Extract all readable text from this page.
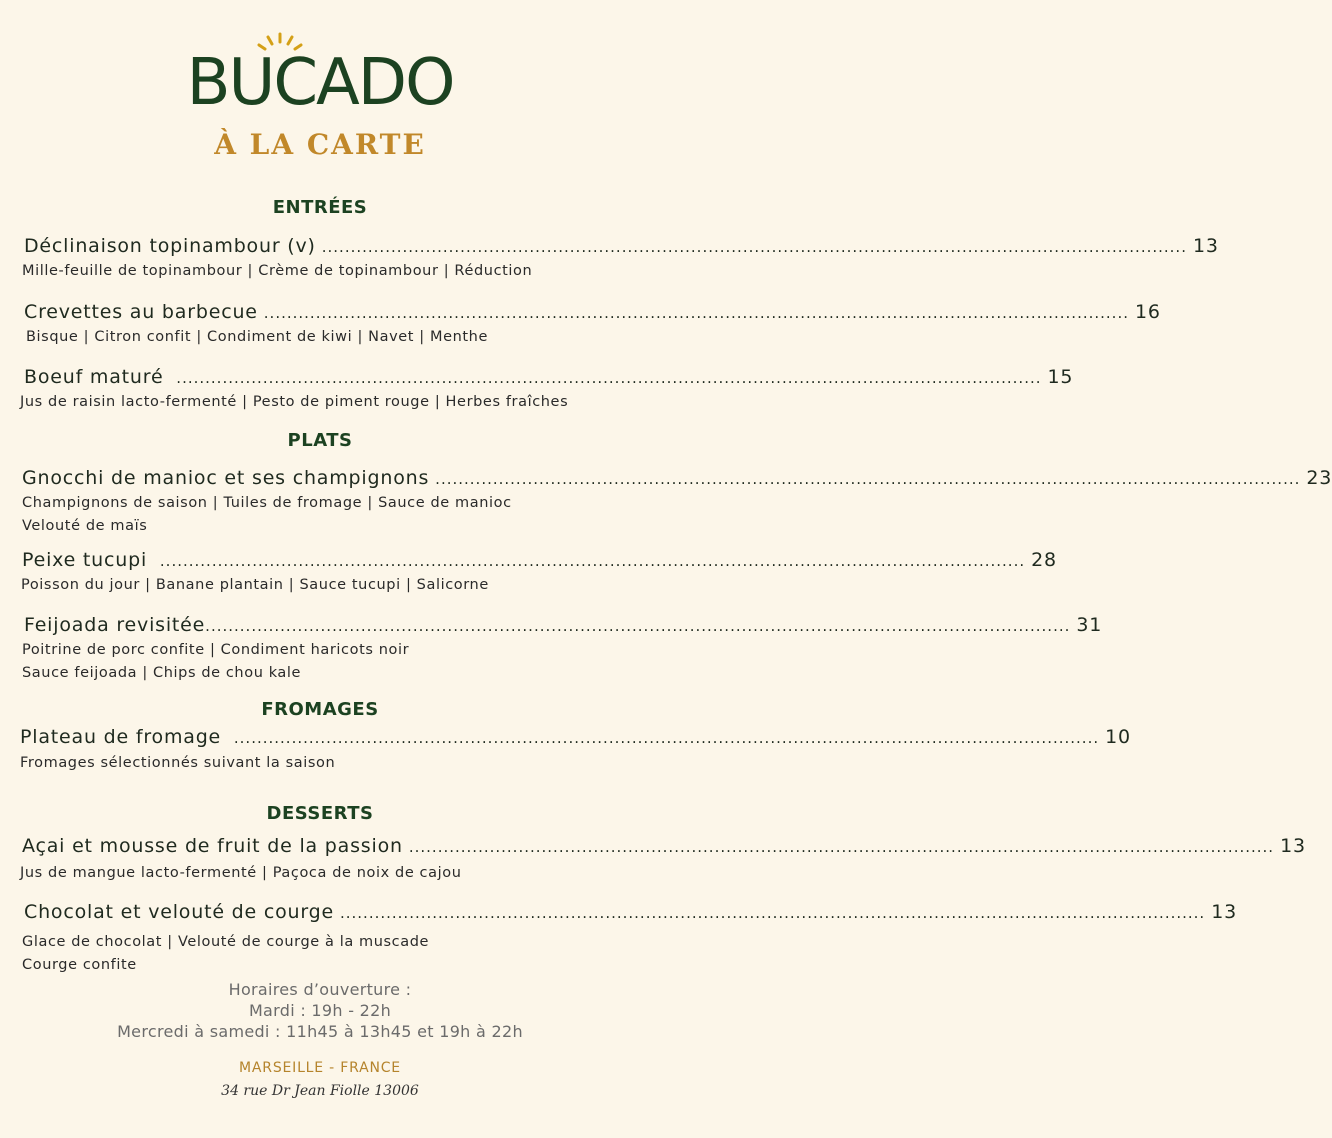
BUCADO
À LA CARTE
ENTRÉES
Déclinaison topinambour (v) .....	13
Mille-feuille de topinambour | Crème de topinambour | Réduction
Crevettes au barbecue .....	16
Bisque | Citron confit | Condiment de kiwi | Navet | Menthe
Boeuf maturé .....	15
Jus de raisin lacto-fermenté | Pesto de piment rouge | Herbes fraîches
PLATS
Gnocchi de manioc et ses champignons .....	23
Champignons de saison | Tuiles de fromage | Sauce de manioc
Velouté de maïs
Peixe tucupi .....	28
Poisson du jour | Banane plantain | Sauce tucupi | Salicorne
Feijoada revisitée .....	31
Poitrine de porc confite | Condiment haricots noir
Sauce feijoada | Chips de chou kale
FROMAGES
Plateau de fromage .....	10
Fromages sélectionnés suivant la saison
DESSERTS
Açai et mousse de fruit de la passion .....	13
Jus de mangue lacto-fermenté | Paçoca de noix de cajou
Chocolat et velouté de courge .....	13
Glace de chocolat | Velouté de courge à la muscade
Courge confite
Horaires d’ouverture :
Mardi : 19h - 22h
Mercredi à samedi : 11h45 à 13h45 et 19h à 22h
MARSEILLE - FRANCE
34 rue Dr Jean Fiolle 13006
